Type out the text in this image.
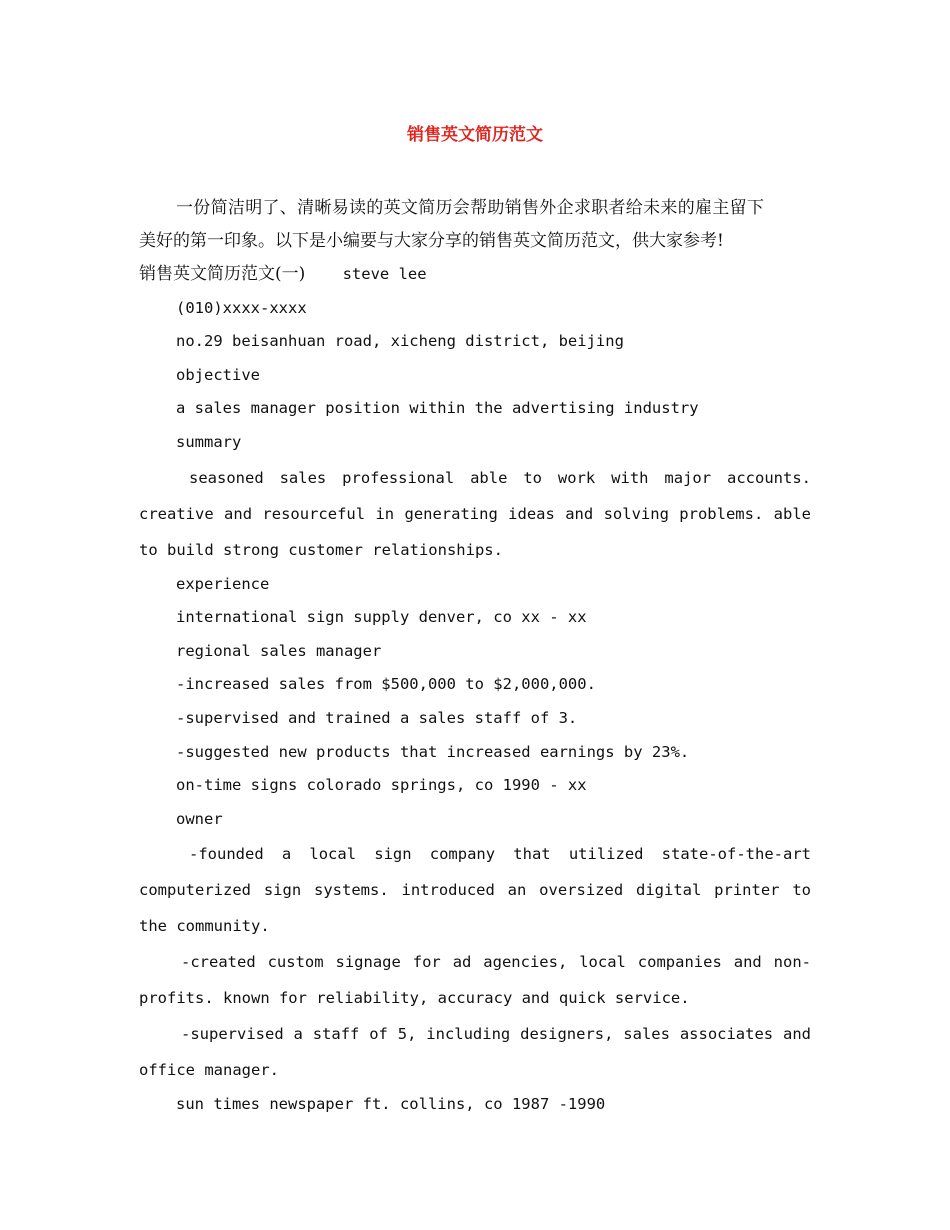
销售英文简历范文

一份简洁明了、清晰易读的英文简历会帮助销售外企求职者给未来的雇主留下

美好的第一印象。以下是小编要与大家分享的销售英文简历范文，供大家参考!

销售英文简历范文(一) steve lee

(010)xxxx-xxxx

no.29 beisanhuan road, xicheng district, beijing

objective

a sales manager position within the advertising industry

summary

seasoned sales professional able to work with major accounts. creative and resourceful in generating ideas and solving problems. able to build strong customer relationships.

experience

international sign supply denver, co xx - xx

regional sales manager

-increased sales from $500,000 to $2,000,000.

-supervised and trained a sales staff of 3.

-suggested new products that increased earnings by 23%.

on-time signs colorado springs, co 1990 - xx

owner

-founded a local sign company that utilized state-of-the-art computerized sign systems. introduced an oversized digital printer to the community.

-created custom signage for ad agencies, local companies and non-profits. known for reliability, accuracy and quick service.

-supervised a staff of 5, including designers, sales associates and office manager.

sun times newspaper ft. collins, co 1987 -1990
